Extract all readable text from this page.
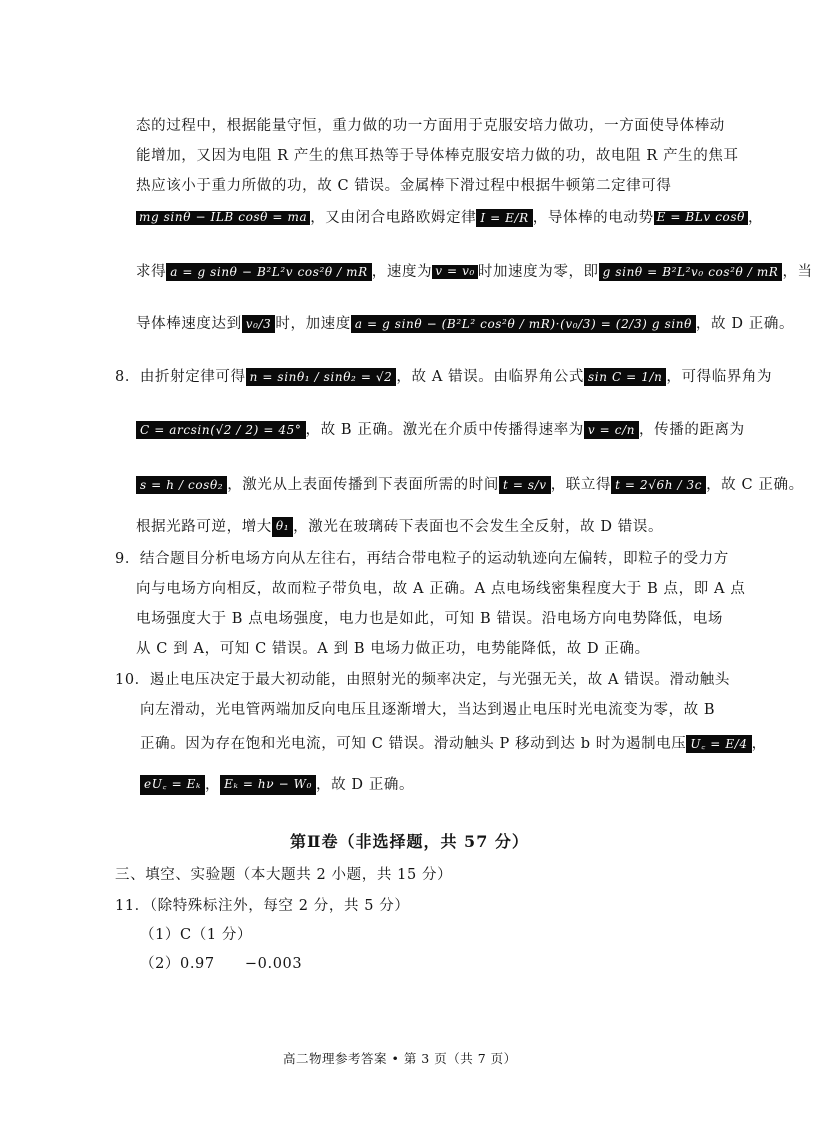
态的过程中，根据能量守恒，重力做的功一方面用于克服安培力做功，一方面使导体棒动
能增加，又因为电阻 R 产生的焦耳热等于导体棒克服安培力做的功，故电阻 R 产生的焦耳
热应该小于重力所做的功，故 C 错误。金属棒下滑过程中根据牛顿第二定律可得
mg sinθ − ILB cosθ = ma ，又由闭合电路欧姆定律 I = E/R ，导体棒的电动势 E = BLv cosθ ，
求得 a = g sinθ − B²L²v cos²θ / mR ，速度为 v = v₀ 时加速度为零，即 g sinθ = B²L²v₀ cos²θ / mR ，当
导体棒速度达到 v₀/3 时，加速度 a = g sinθ − (B²L² cos²θ / mR)·(v₀/3) = (2/3) g sinθ ，故 D 正确。
8．由折射定律可得 n = sinθ₁ / sinθ₂ = √2 ，故 A 错误。由临界角公式 sin C = 1/n ，可得临界角为
C = arcsin(√2 / 2) = 45° ，故 B 正确。激光在介质中传播得速率为 v = c/n ，传播的距离为
s = h / cosθ₂ ，激光从上表面传播到下表面所需的时间 t = s/v ，联立得 t = 2√6h / 3c ，故 C 正确。
根据光路可逆，增大 θ₁ ，激光在玻璃砖下表面也不会发生全反射，故 D 错误。
9．结合题目分析电场方向从左往右，再结合带电粒子的运动轨迹向左偏转，即粒子的受力方
向与电场方向相反，故而粒子带负电，故 A 正确。A 点电场线密集程度大于 B 点，即 A 点
电场强度大于 B 点电场强度，电力也是如此，可知 B 错误。沿电场方向电势降低，电场
从 C 到 A，可知 C 错误。A 到 B 电场力做正功，电势能降低，故 D 正确。
10．遏止电压决定于最大初动能，由照射光的频率决定，与光强无关，故 A 错误。滑动触头
向左滑动，光电管两端加反向电压且逐渐增大，当达到遏止电压时光电流变为零，故 B
正确。因为存在饱和光电流，可知 C 错误。滑动触头 P 移动到达 b 时为遏制电压 U꜀ = E/4 ，
eU꜀ = Eₖ ， Eₖ = hν − W₀ ，故 D 正确。
第Ⅱ卷（非选择题，共 57 分）
三、填空、实验题（本大题共 2 小题，共 15 分）
11．（除特殊标注外，每空 2 分，共 5 分）
（1）C（1 分）
（2）0.97　　−0.003
高二物理参考答案 • 第 3 页（共 7 页）
